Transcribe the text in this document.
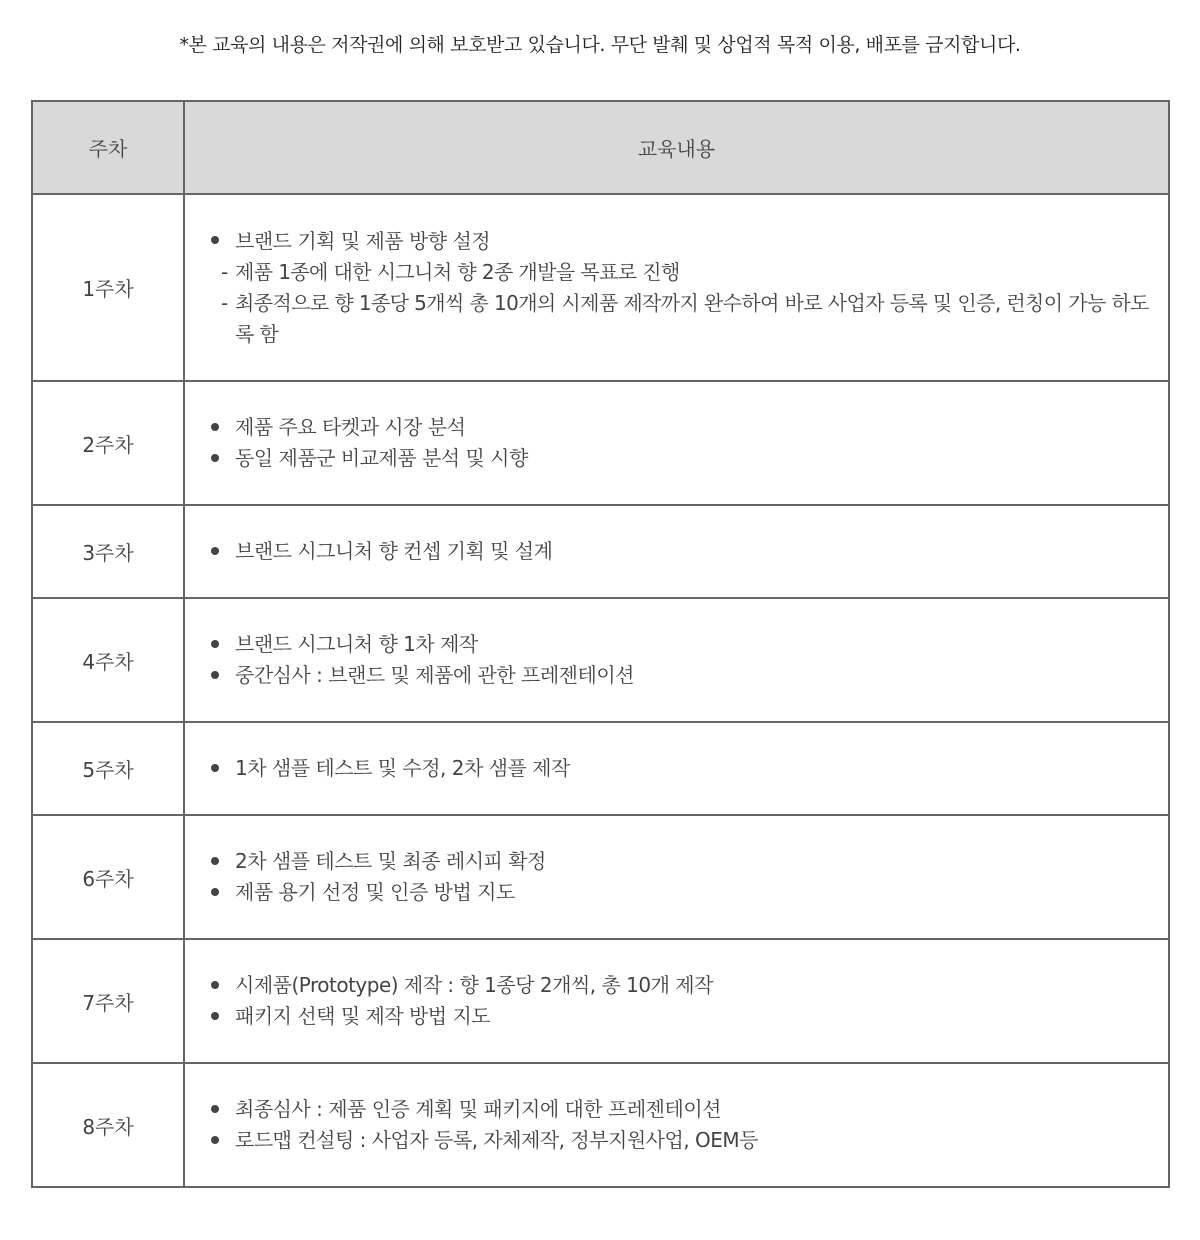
*본 교육의 내용은 저작권에 의해 보호받고 있습니다. 무단 발췌 및 상업적 목적 이용, 배포를 금지합니다.
주차	교육내용
1주차	브랜드 기획 및 제품 방향 설정
- 제품 1종에 대한 시그니처 향 2종 개발을 목표로 진행
- 최종적으로 향 1종당 5개씩 총 10개의 시제품 제작까지 완수하여 바로 사업자 등록 및 인증, 런칭이 가능 하도록 함

2주차	제품 주요 타켓과 시장 분석
동일 제품군 비교제품 분석 및 시향

3주차	브랜드 시그니처 향 컨셉 기획 및 설계

4주차	브랜드 시그니처 향 1차 제작
중간심사 : 브랜드 및 제품에 관한 프레젠테이션

5주차	1차 샘플 테스트 및 수정, 2차 샘플 제작

6주차	2차 샘플 테스트 및 최종 레시피 확정
제품 용기 선정 및 인증 방법 지도

7주차	시제품(Prototype) 제작 : 향 1종당 2개씩, 총 10개 제작
패키지 선택 및 제작 방법 지도

8주차	최종심사 : 제품 인증 계획 및 패키지에 대한 프레젠테이션
로드맵 컨설팅 : 사업자 등록, 자체제작, 정부지원사업, OEM등
